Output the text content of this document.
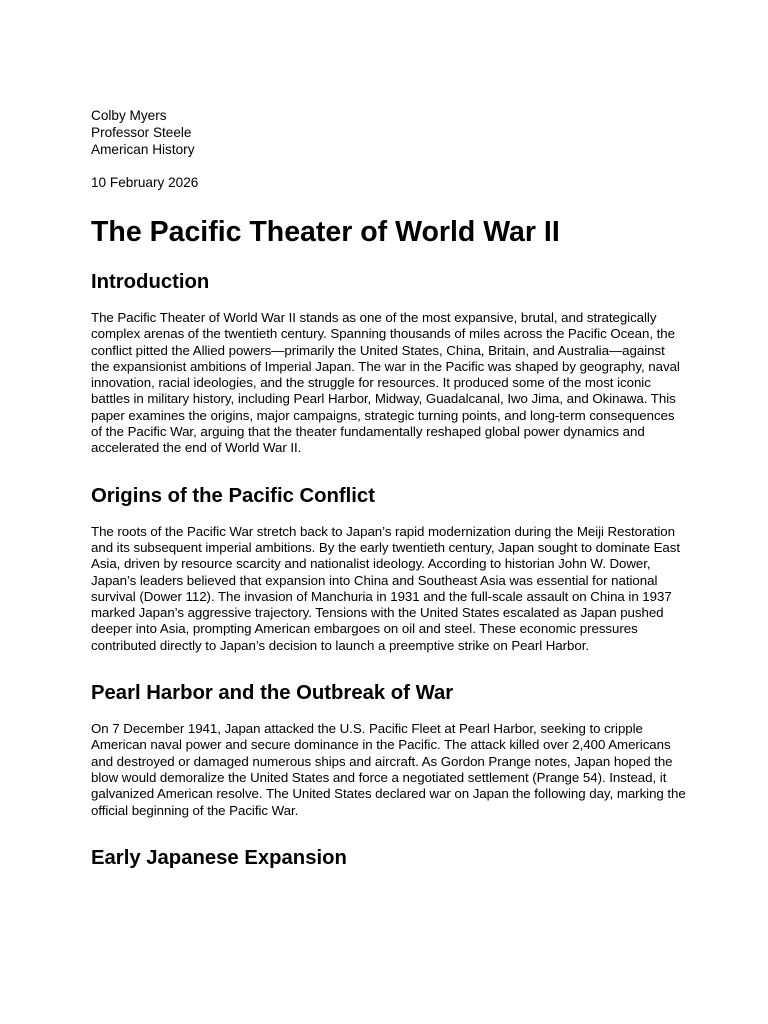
Colby Myers
Professor Steele
American History
10 February 2026
The Pacific Theater of World War II
Introduction

The Pacific Theater of World War II stands as one of the most expansive, brutal, and strategically complex arenas of the twentieth century. Spanning thousands of miles across the Pacific Ocean, the conflict pitted the Allied powers—primarily the United States, China, Britain, and Australia—against the expansionist ambitions of Imperial Japan. The war in the Pacific was shaped by geography, naval innovation, racial ideologies, and the struggle for resources. It produced some of the most iconic battles in military history, including Pearl Harbor, Midway, Guadalcanal, Iwo Jima, and Okinawa. This paper examines the origins, major campaigns, strategic turning points, and long-term consequences of the Pacific War, arguing that the theater fundamentally reshaped global power dynamics and accelerated the end of World War II.

Origins of the Pacific Conflict

The roots of the Pacific War stretch back to Japan’s rapid modernization during the Meiji Restoration and its subsequent imperial ambitions. By the early twentieth century, Japan sought to dominate East Asia, driven by resource scarcity and nationalist ideology. According to historian John W. Dower, Japan’s leaders believed that expansion into China and Southeast Asia was essential for national survival (Dower 112). The invasion of Manchuria in 1931 and the full-scale assault on China in 1937 marked Japan’s aggressive trajectory. Tensions with the United States escalated as Japan pushed deeper into Asia, prompting American embargoes on oil and steel. These economic pressures contributed directly to Japan’s decision to launch a preemptive strike on Pearl Harbor.

Pearl Harbor and the Outbreak of War

On 7 December 1941, Japan attacked the U.S. Pacific Fleet at Pearl Harbor, seeking to cripple American naval power and secure dominance in the Pacific. The attack killed over 2,400 Americans and destroyed or damaged numerous ships and aircraft. As Gordon Prange notes, Japan hoped the blow would demoralize the United States and force a negotiated settlement (Prange 54). Instead, it galvanized American resolve. The United States declared war on Japan the following day, marking the official beginning of the Pacific War.

Early Japanese Expansion
